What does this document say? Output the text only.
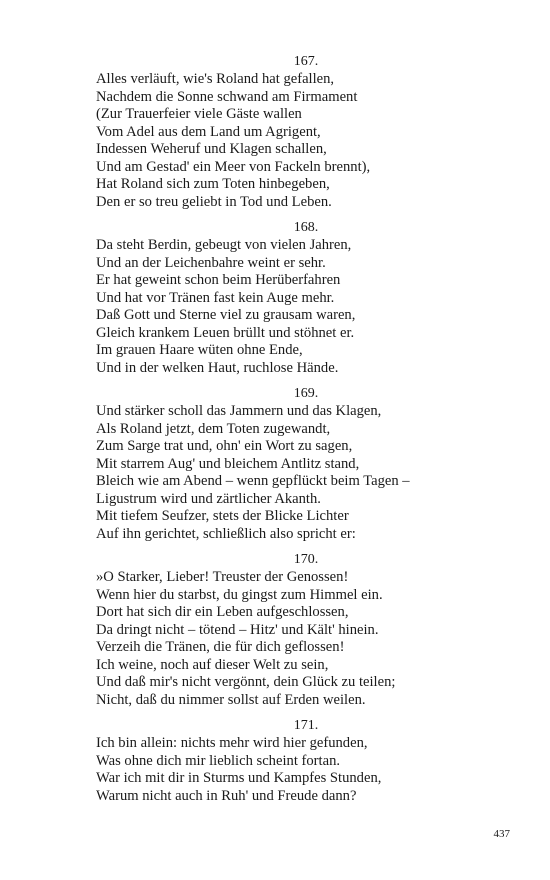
167.
Alles verläuft, wie's Roland hat gefallen,
Nachdem die Sonne schwand am Firmament
(Zur Trauerfeier viele Gäste wallen
Vom Adel aus dem Land um Agrigent,
Indessen Weheruf und Klagen schallen,
Und am Gestad' ein Meer von Fackeln brennt),
Hat Roland sich zum Toten hinbegeben,
Den er so treu geliebt in Tod und Leben.
168.
Da steht Berdin, gebeugt von vielen Jahren,
Und an der Leichenbahre weint er sehr.
Er hat geweint schon beim Herüberfahren
Und hat vor Tränen fast kein Auge mehr.
Daß Gott und Sterne viel zu grausam waren,
Gleich krankem Leuen brüllt und stöhnet er.
Im grauen Haare wüten ohne Ende,
Und in der welken Haut, ruchlose Hände.
169.
Und stärker scholl das Jammern und das Klagen,
Als Roland jetzt, dem Toten zugewandt,
Zum Sarge trat und, ohn' ein Wort zu sagen,
Mit starrem Aug' und bleichem Antlitz stand,
Bleich wie am Abend – wenn gepflückt beim Tagen –
Ligustrum wird und zärtlicher Akanth.
Mit tiefem Seufzer, stets der Blicke Lichter
Auf ihn gerichtet, schließlich also spricht er:
170.
»O Starker, Lieber! Treuster der Genossen!
Wenn hier du starbst, du gingst zum Himmel ein.
Dort hat sich dir ein Leben aufgeschlossen,
Da dringt nicht – tötend – Hitz' und Kält' hinein.
Verzeih die Tränen, die für dich geflossen!
Ich weine, noch auf dieser Welt zu sein,
Und daß mir's nicht vergönnt, dein Glück zu teilen;
Nicht, daß du nimmer sollst auf Erden weilen.
171.
Ich bin allein: nichts mehr wird hier gefunden,
Was ohne dich mir lieblich scheint fortan.
War ich mit dir in Sturms und Kampfes Stunden,
Warum nicht auch in Ruh' und Freude dann?
437
